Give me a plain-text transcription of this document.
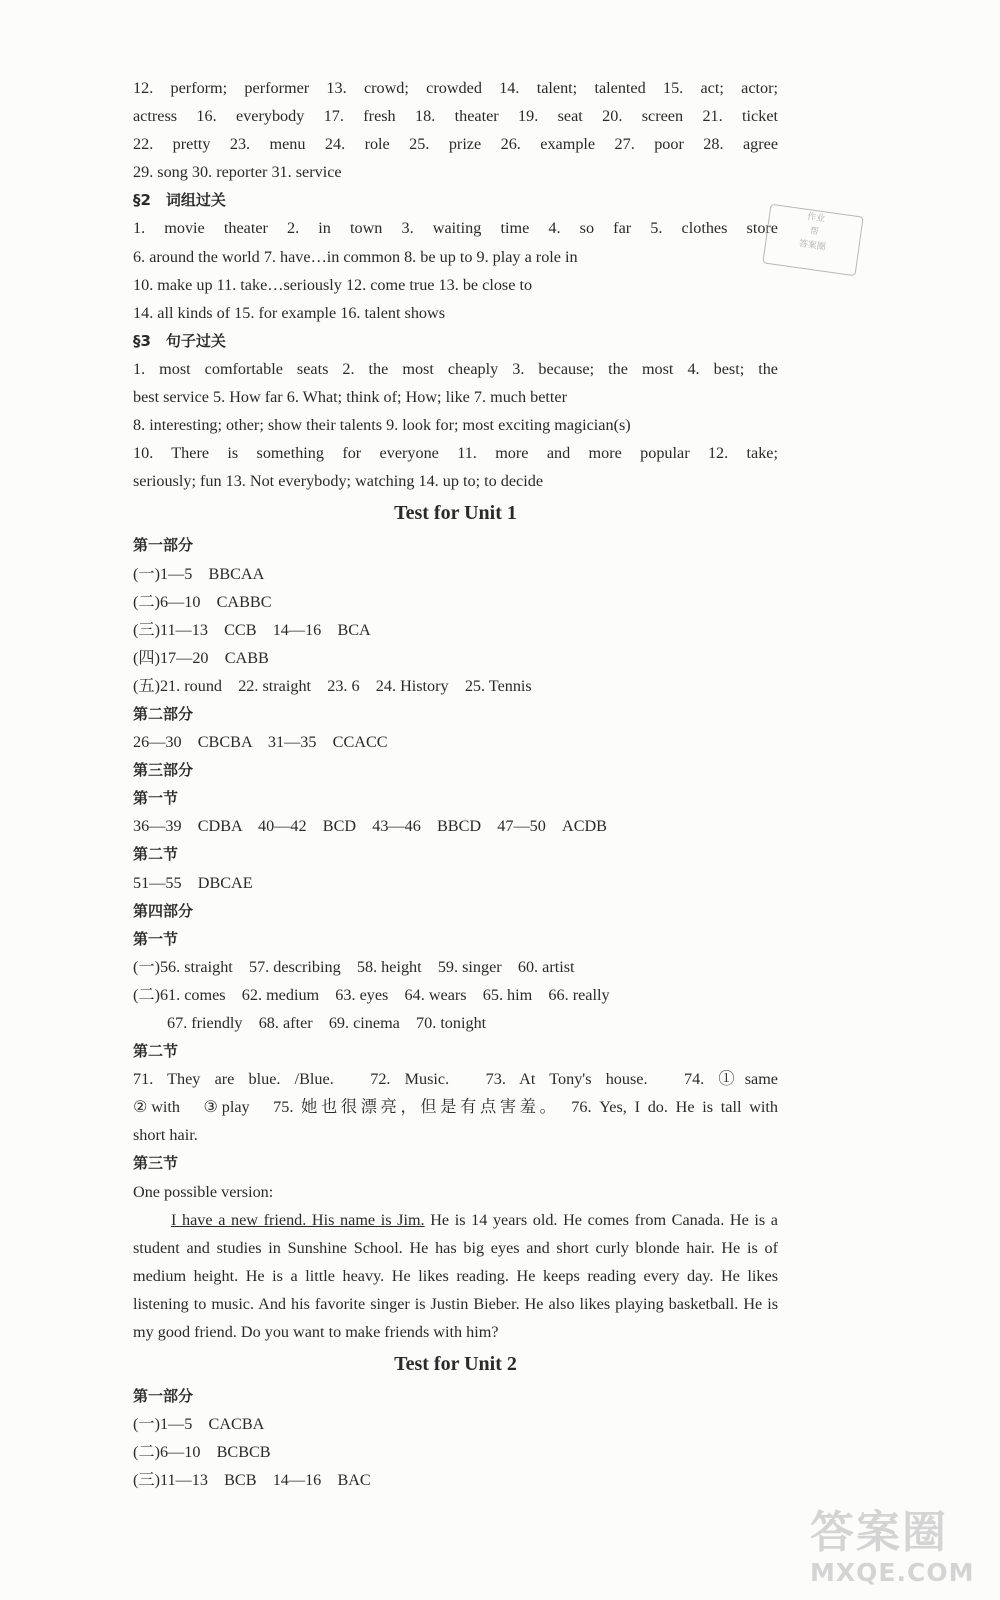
12. perform; performer 13. crowd; crowded 14. talent; talented 15. act; actor;
actress 16. everybody 17. fresh 18. theater 19. seat 20. screen 21. ticket
22. pretty 23. menu 24. role 25. prize 26. example 27. poor 28. agree
29. song 30. reporter 31. service
§2　词组过关
1. movie theater 2. in town 3. waiting time 4. so far 5. clothes store
6. around the world 7. have…in common 8. be up to 9. play a role in
10. make up 11. take…seriously 12. come true 13. be close to
14. all kinds of 15. for example 16. talent shows
§3　句子过关
1. most comfortable seats 2. the most cheaply 3. because; the most 4. best; the
best service 5. How far 6. What; think of; How; like 7. much better
8. interesting; other; show their talents 9. look for; most exciting magician(s)
10. There is something for everyone 11. more and more popular 12. take;
seriously; fun 13. Not everybody; watching 14. up to; to decide
Test for Unit 1
第一部分
(一)1—5　BBCAA
(二)6—10　CABBC
(三)11—13　CCB　14—16　BCA
(四)17—20　CABB
(五)21. round　22. straight　23. 6　24. History　25. Tennis
第二部分
26—30　CBCBA　31—35　CCACC
第三部分
第一节
36—39　CDBA　40—42　BCD　43—46　BBCD　47—50　ACDB
第二节
51—55　DBCAE
第四部分
第一节
(一)56. straight　57. describing　58. height　59. singer　60. artist
(二)61. comes　62. medium　63. eyes　64. wears　65. him　66. really
67. friendly　68. after　69. cinema　70. tonight
第二节
71. They are blue. /Blue.　72. Music.　73. At Tony's house.　74. ①same
②with　③play　75. 她也很漂亮，但是有点害羞。　76. Yes, I do. He is tall with
short hair.
第三节
One possible version:
I have a new friend. His name is Jim. He is 14 years old. He comes from Canada. He is a student and studies in Sunshine School. He has big eyes and short curly blonde hair. He is of medium height. He is a little heavy. He likes reading. He keeps reading every day. He likes listening to music. And his favorite singer is Justin Bieber. He also likes playing basketball. He is my good friend. Do you want to make friends with him?
Test for Unit 2
第一部分
(一)1—5　CACBA
(二)6—10　BCBCB
(三)11—13　BCB　14—16　BAC
作业
帮
答案圈
答案圈
MXQE.COM
